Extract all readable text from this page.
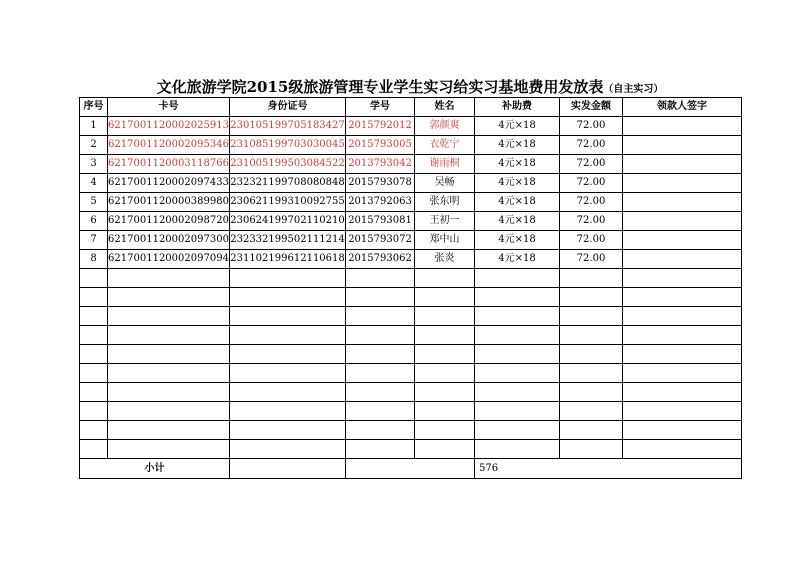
文化旅游学院2015级旅游管理专业学生实习给实习基地费用发放表（自主实习）
序号	卡号	身份证号	学号	姓名	补助费	实发金额	领款人签字
1	6217001120002025913	230105199705183427	2015792012	郭颜爽	4元×18	72.00	
2	6217001120002095346	231085199703030045	2015793005	衣乾宁	4元×18	72.00	
3	6217001120003118766	231005199503084522	2013793042	谢雨桐	4元×18	72.00	
4	6217001120002097433	232321199708080848	2015793078	吴畅	4元×18	72.00	
5	6217001120000389980	230621199310092755	2013792063	张东明	4元×18	72.00	
6	6217001120002098720	230624199702110210	2015793081	王初一	4元×18	72.00	
7	6217001120002097300	232332199502111214	2015793072	郑中山	4元×18	72.00	
8	6217001120002097094	231102199612110618	2015793062	张炎	4元×18	72.00	

小计					576		
